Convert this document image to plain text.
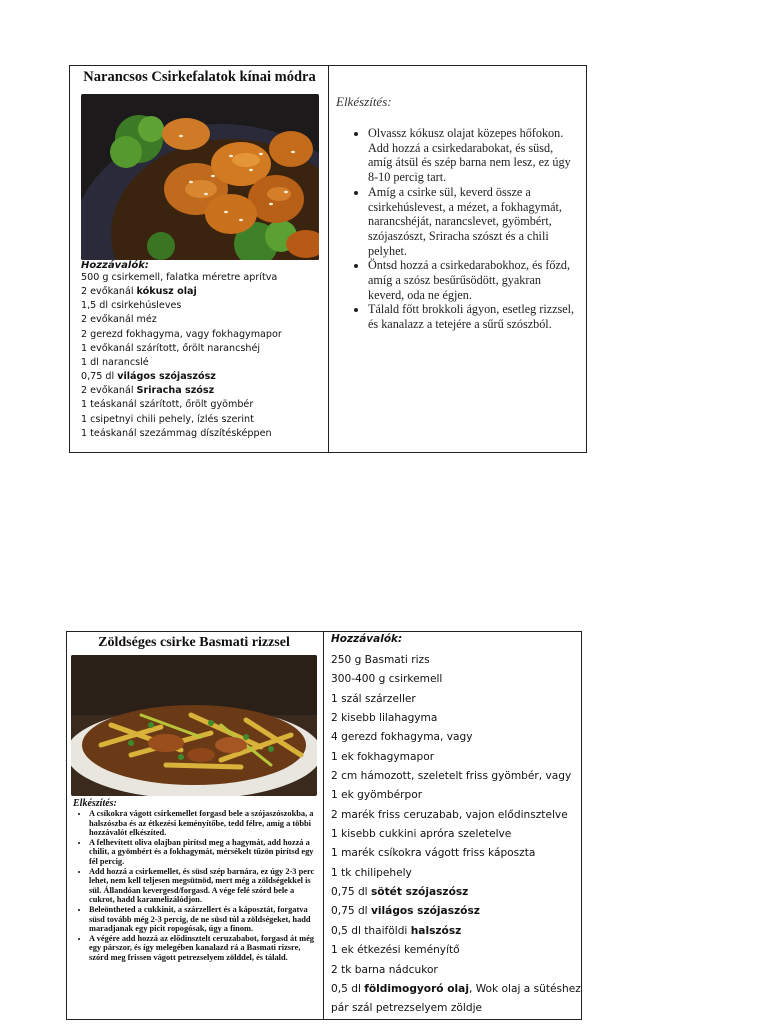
Narancsos Csirkefalatok kínai módra
Hozzávalók:
500 g csirkemell, falatka méretre aprítva
2 evőkanál kókusz olaj
1,5 dl csirkehúsleves
2 evőkanál méz
2 gerezd fokhagyma, vagy fokhagymapor
1 evőkanál szárított, őrölt narancshéj
1 dl narancslé
0,75 dl világos szójaszósz
2 evőkanál Sriracha szósz
1 teáskanál szárított, őrölt gyömbér
1 csipetnyi chili pehely, ízlés szerint
1 teáskanál szezámmag díszítésképpen
Elkészítés:
• Olvassz kókusz olajat közepes hőfokon. Add hozzá a csirkedarabokat, és süsd, amíg átsül és szép barna nem lesz, ez úgy 8-10 percig tart.
• Amíg a csirke sül, keverd össze a csirkehúslevest, a mézet, a fokhagymát, narancshéját, narancslevet, gyömbért, szójaszószt, Sriracha szószt és a chili pelyhet.
• Öntsd hozzá a csirkedarabokhoz, és főzd, amíg a szósz besűrűsödött, gyakran keverd, oda ne égjen.
• Tálald főtt brokkoli ágyon, esetleg rizzsel, és kanalazz a tetejére a sűrű szószból.
Zöldséges csirke Basmati rizzsel
Elkészítés:
• A csíkokra vágott csirkemellet forgasd bele a szójaszószokba, a halszószba és az étkezési keményítőbe, tedd félre, amíg a többi hozzávalót elkészíted.
• A felhevített oliva olajban pirítsd meg a hagymát, add hozzá a chilit, a gyömbért és a fokhagymát, mérsékelt tűzön pirítsd egy fél percig.
• Add hozzá a csirkemellet, és süsd szép barnára, ez úgy 2-3 perc lehet, nem kell teljesen megsütnöd, mert még a zöldségekkel is sül. Állandóan kevergesd/forgasd. A vége felé szórd bele a cukrot, hadd karamelizálódjon.
• Beleöntheted a cukkinit, a szárzellert és a káposztát, forgatva süsd tovább még 2-3 percig, de ne süsd túl a zöldségeket, hadd maradjanak egy picit ropogósak, úgy a finom.
• A végére add hozzá az elődinsztelt ceruzababot, forgasd át még egy párszor, és így melegében kanalazd rá a Basmati rizsre, szórd meg frissen vágott petrezselyem zölddel, és tálald.
Hozzávalók:
250 g Basmati rizs
300-400 g csirkemell
1 szál szárzeller
2 kisebb lilahagyma
4 gerezd fokhagyma, vagy
1 ek fokhagymapor
2 cm hámozott, szeletelt friss gyömbér, vagy
1 ek gyömbérpor
2 marék friss ceruzabab, vajon elődinsztelve
1 kisebb cukkini apróra szeletelve
1 marék csíkokra vágott friss káposzta
1 tk chilipehely
0,75 dl sötét szójaszósz
0,75 dl világos szójaszósz
0,5 dl thaiföldi halszósz
1 ek étkezési keményítő
2 tk barna nádcukor
0,5 dl földimogyoró olaj, Wok olaj a sütéshez
pár szál petrezselyem zöldje
